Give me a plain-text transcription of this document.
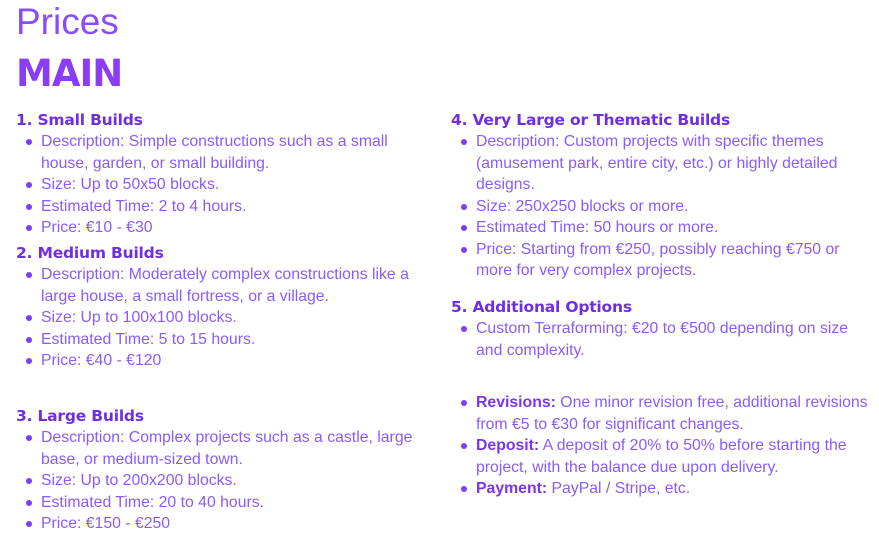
Prices
MAIN
1. Small Builds
Description: Simple constructions such as a small house, garden, or small building.
Size: Up to 50x50 blocks.
Estimated Time: 2 to 4 hours.
Price: €10 - €30
2. Medium Builds
Description: Moderately complex constructions like a large house, a small fortress, or a village.
Size: Up to 100x100 blocks.
Estimated Time: 5 to 15 hours.
Price: €40 - €120
3. Large Builds
Description: Complex projects such as a castle, large base, or medium-sized town.
Size: Up to 200x200 blocks.
Estimated Time: 20 to 40 hours.
Price: €150 - €250
4. Very Large or Thematic Builds
Description: Custom projects with specific themes (amusement park, entire city, etc.) or highly detailed designs.
Size: 250x250 blocks or more.
Estimated Time: 50 hours or more.
Price: Starting from €250, possibly reaching €750 or more for very complex projects.
5. Additional Options
Custom Terraforming: €20 to €500 depending on size and complexity.
Revisions: One minor revision free, additional revisions from €5 to €30 for significant changes.
Deposit: A deposit of 20% to 50% before starting the project, with the balance due upon delivery.
Payment: PayPal / Stripe, etc.
